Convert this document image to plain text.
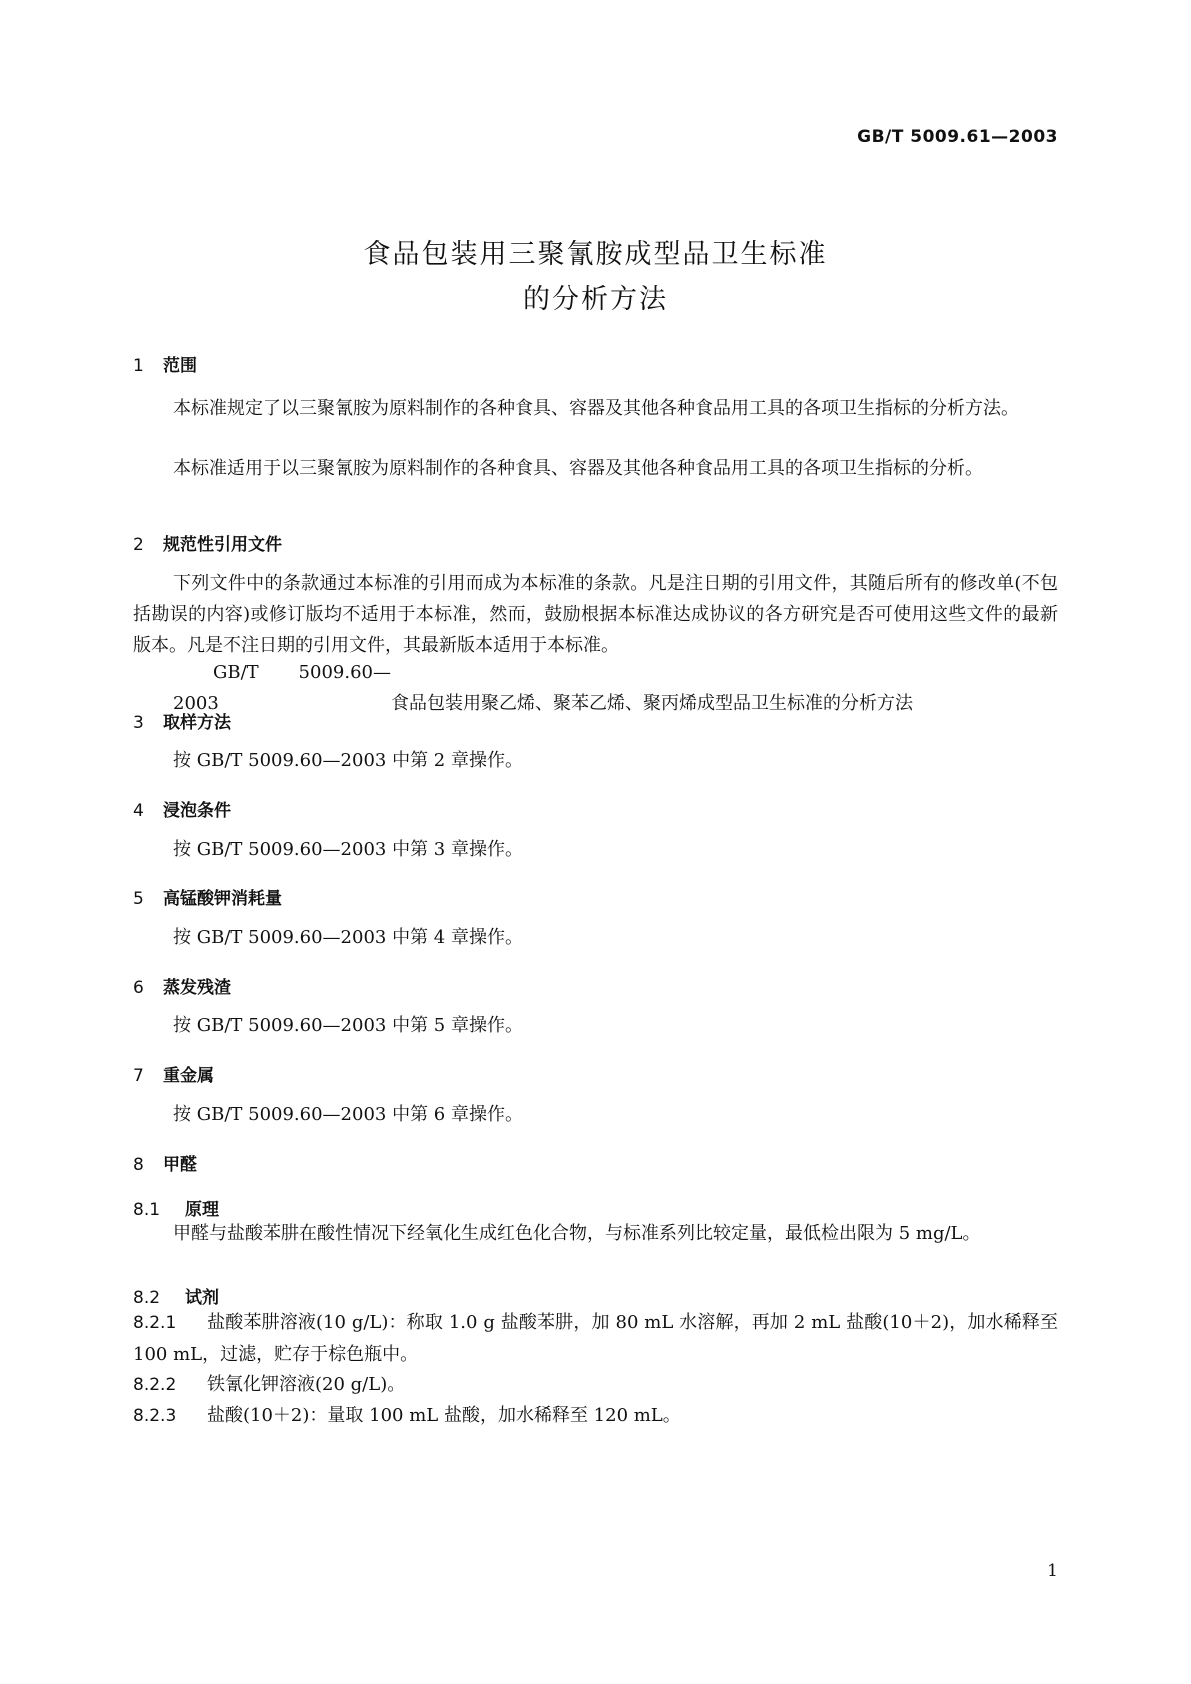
GB/T 5009.61—2003
食品包装用三聚氰胺成型品卫生标准
的分析方法
1 范围
本标准规定了以三聚氰胺为原料制作的各种食具、容器及其他各种食品用工具的各项卫生指标的分析方法。
本标准适用于以三聚氰胺为原料制作的各种食具、容器及其他各种食品用工具的各项卫生指标的分析。
2 规范性引用文件
下列文件中的条款通过本标准的引用而成为本标准的条款。凡是注日期的引用文件，其随后所有的修改单(不包括勘误的内容)或修订版均不适用于本标准，然而，鼓励根据本标准达成协议的各方研究是否可使用这些文件的最新版本。凡是不注日期的引用文件，其最新版本适用于本标准。
GB/T 5009.60—2003	食品包装用聚乙烯、聚苯乙烯、聚丙烯成型品卫生标准的分析方法
3 取样方法
按 GB/T 5009.60—2003 中第 2 章操作。
4 浸泡条件
按 GB/T 5009.60—2003 中第 3 章操作。
5 高锰酸钾消耗量
按 GB/T 5009.60—2003 中第 4 章操作。
6 蒸发残渣
按 GB/T 5009.60—2003 中第 5 章操作。
7 重金属
按 GB/T 5009.60—2003 中第 6 章操作。
8 甲醛
8.1 原理
甲醛与盐酸苯肼在酸性情况下经氧化生成红色化合物，与标准系列比较定量，最低检出限为 5 mg/L。
8.2 试剂
8.2.1 盐酸苯肼溶液(10 g/L)：称取 1.0 g 盐酸苯肼，加 80 mL 水溶解，再加 2 mL 盐酸(10＋2)，加水稀释至 100 mL，过滤，贮存于棕色瓶中。
8.2.2 铁氰化钾溶液(20 g/L)。
8.2.3 盐酸(10＋2)：量取 100 mL 盐酸，加水稀释至 120 mL。
1
